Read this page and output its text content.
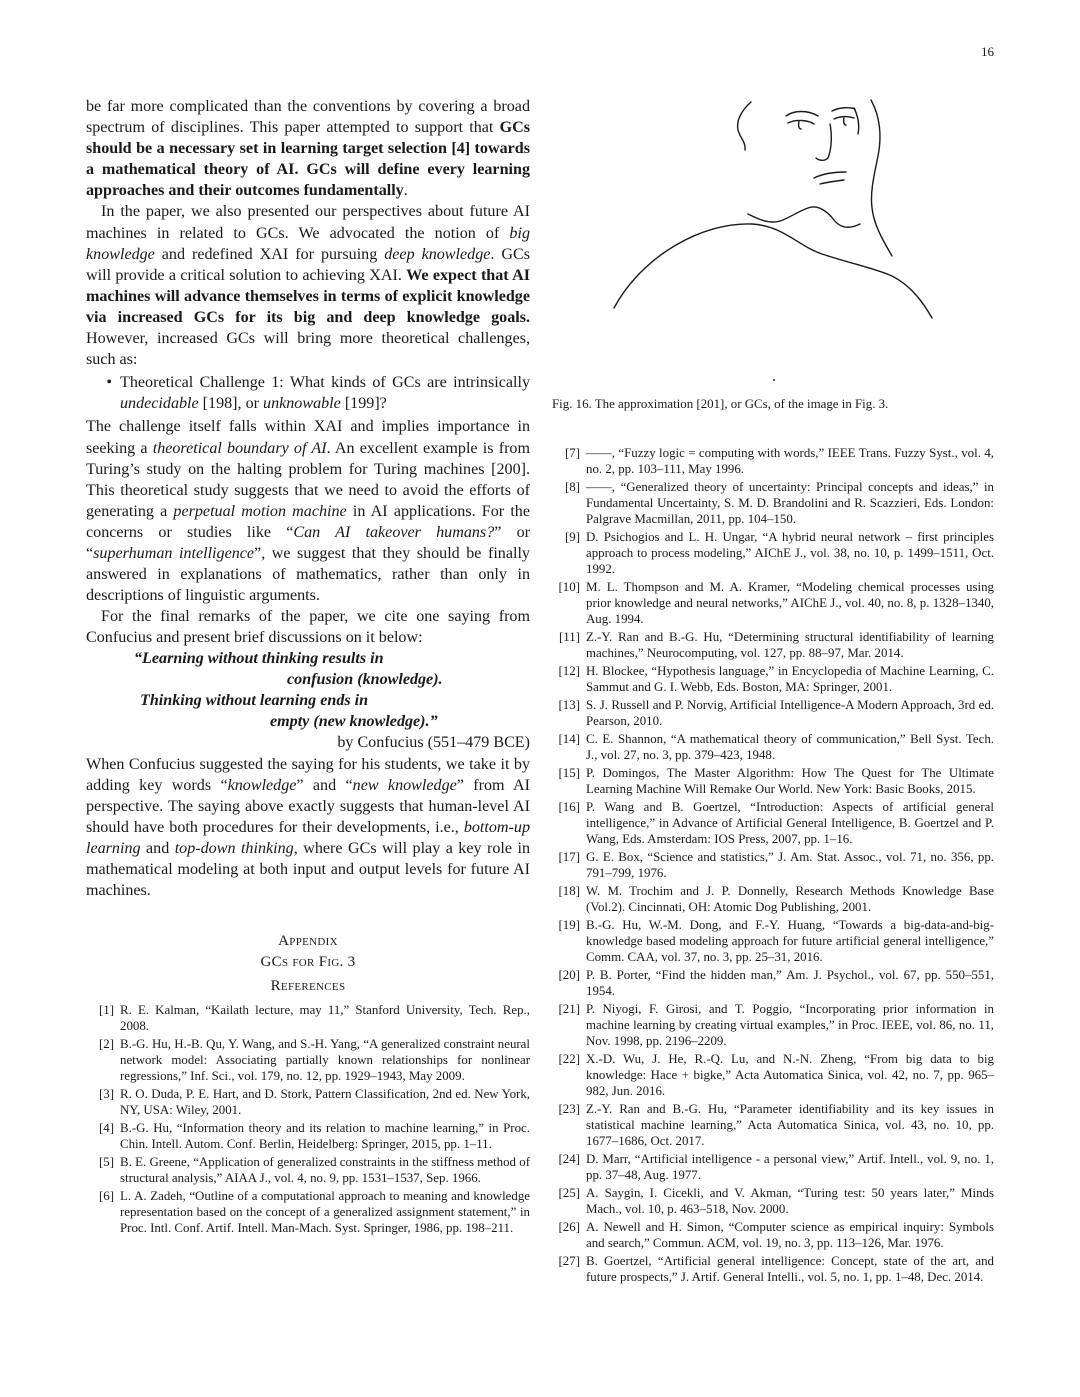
16

be far more complicated than the conventions by covering a broad spectrum of disciplines. This paper attempted to support that GCs should be a necessary set in learning target selection [4] towards a mathematical theory of AI. GCs will define every learning approaches and their outcomes fundamentally.

In the paper, we also presented our perspectives about future AI machines in related to GCs. We advocated the notion of big knowledge and redefined XAI for pursuing deep knowledge. GCs will provide a critical solution to achieving XAI. We expect that AI machines will advance themselves in terms of explicit knowledge via increased GCs for its big and deep knowledge goals. However, increased GCs will bring more theoretical challenges, such as:

• Theoretical Challenge 1: What kinds of GCs are intrinsically undecidable [198], or unknowable [199]?

The challenge itself falls within XAI and implies importance in seeking a theoretical boundary of AI. An excellent example is from Turing’s study on the halting problem for Turing machines [200]. This theoretical study suggests that we need to avoid the efforts of generating a perpetual motion machine in AI applications. For the concerns or studies like “Can AI takeover humans?” or “superhuman intelligence”, we suggest that they should be finally answered in explanations of mathematics, rather than only in descriptions of linguistic arguments.

For the final remarks of the paper, we cite one saying from Confucius and present brief discussions on it below:

“Learning without thinking results in
confusion (knowledge).
Thinking without learning ends in
empty (new knowledge).”
by Confucius (551–479 BCE)

When Confucius suggested the saying for his students, we take it by adding key words “knowledge” and “new knowledge” from AI perspective. The saying above exactly suggests that human-level AI should have both procedures for their developments, i.e., bottom-up learning and top-down thinking, where GCs will play a key role in mathematical modeling at both input and output levels for future AI machines.

Appendix
GCs for Fig. 3
References
[1] R. E. Kalman, “Kailath lecture, may 11,” Stanford University, Tech. Rep., 2008.
[2] B.-G. Hu, H.-B. Qu, Y. Wang, and S.-H. Yang, “A generalized constraint neural network model: Associating partially known relationships for nonlinear regressions,” Inf. Sci., vol. 179, no. 12, pp. 1929–1943, May 2009.
[3] R. O. Duda, P. E. Hart, and D. Stork, Pattern Classification, 2nd ed. New York, NY, USA: Wiley, 2001.
[4] B.-G. Hu, “Information theory and its relation to machine learning,” in Proc. Chin. Intell. Autom. Conf. Berlin, Heidelberg: Springer, 2015, pp. 1–11.
[5] B. E. Greene, “Application of generalized constraints in the stiffness method of structural analysis,” AIAA J., vol. 4, no. 9, pp. 1531–1537, Sep. 1966.
[6] L. A. Zadeh, “Outline of a computational approach to meaning and knowledge representation based on the concept of a generalized assignment statement,” in Proc. Intl. Conf. Artif. Intell. Man-Mach. Syst. Springer, 1986, pp. 198–211.
Fig. 16. The approximation [201], or GCs, of the image in Fig. 3.
[7] ——, “Fuzzy logic = computing with words,” IEEE Trans. Fuzzy Syst., vol. 4, no. 2, pp. 103–111, May 1996.
[8] ——, “Generalized theory of uncertainty: Principal concepts and ideas,” in Fundamental Uncertainty, S. M. D. Brandolini and R. Scazzieri, Eds. London: Palgrave Macmillan, 2011, pp. 104–150.
[9] D. Psichogios and L. H. Ungar, “A hybrid neural network – first principles approach to process modeling,” AIChE J., vol. 38, no. 10, p. 1499–1511, Oct. 1992.
[10] M. L. Thompson and M. A. Kramer, “Modeling chemical processes using prior knowledge and neural networks,” AIChE J., vol. 40, no. 8, p. 1328–1340, Aug. 1994.
[11] Z.-Y. Ran and B.-G. Hu, “Determining structural identifiability of learning machines,” Neurocomputing, vol. 127, pp. 88–97, Mar. 2014.
[12] H. Blockee, “Hypothesis language,” in Encyclopedia of Machine Learning, C. Sammut and G. I. Webb, Eds. Boston, MA: Springer, 2001.
[13] S. J. Russell and P. Norvig, Artificial Intelligence-A Modern Approach, 3rd ed. Pearson, 2010.
[14] C. E. Shannon, “A mathematical theory of communication,” Bell Syst. Tech. J., vol. 27, no. 3, pp. 379–423, 1948.
[15] P. Domingos, The Master Algorithm: How The Quest for The Ultimate Learning Machine Will Remake Our World. New York: Basic Books, 2015.
[16] P. Wang and B. Goertzel, “Introduction: Aspects of artificial general intelligence,” in Advance of Artificial General Intelligence, B. Goertzel and P. Wang, Eds. Amsterdam: IOS Press, 2007, pp. 1–16.
[17] G. E. Box, “Science and statistics,” J. Am. Stat. Assoc., vol. 71, no. 356, pp. 791–799, 1976.
[18] W. M. Trochim and J. P. Donnelly, Research Methods Knowledge Base (Vol.2). Cincinnati, OH: Atomic Dog Publishing, 2001.
[19] B.-G. Hu, W.-M. Dong, and F.-Y. Huang, “Towards a big-data-and-big-knowledge based modeling approach for future artificial general intelligence,” Comm. CAA, vol. 37, no. 3, pp. 25–31, 2016.
[20] P. B. Porter, “Find the hidden man,” Am. J. Psychol., vol. 67, pp. 550–551, 1954.
[21] P. Niyogi, F. Girosi, and T. Poggio, “Incorporating prior information in machine learning by creating virtual examples,” in Proc. IEEE, vol. 86, no. 11, Nov. 1998, pp. 2196–2209.
[22] X.-D. Wu, J. He, R.-Q. Lu, and N.-N. Zheng, “From big data to big knowledge: Hace + bigke,” Acta Automatica Sinica, vol. 42, no. 7, pp. 965–982, Jun. 2016.
[23] Z.-Y. Ran and B.-G. Hu, “Parameter identifiability and its key issues in statistical machine learning,” Acta Automatica Sinica, vol. 43, no. 10, pp. 1677–1686, Oct. 2017.
[24] D. Marr, “Artificial intelligence - a personal view,” Artif. Intell., vol. 9, no. 1, pp. 37–48, Aug. 1977.
[25] A. Saygin, I. Cicekli, and V. Akman, “Turing test: 50 years later,” Minds Mach., vol. 10, p. 463–518, Nov. 2000.
[26] A. Newell and H. Simon, “Computer science as empirical inquiry: Symbols and search,” Commun. ACM, vol. 19, no. 3, pp. 113–126, Mar. 1976.
[27] B. Goertzel, “Artificial general intelligence: Concept, state of the art, and future prospects,” J. Artif. General Intelli., vol. 5, no. 1, pp. 1–48, Dec. 2014.
